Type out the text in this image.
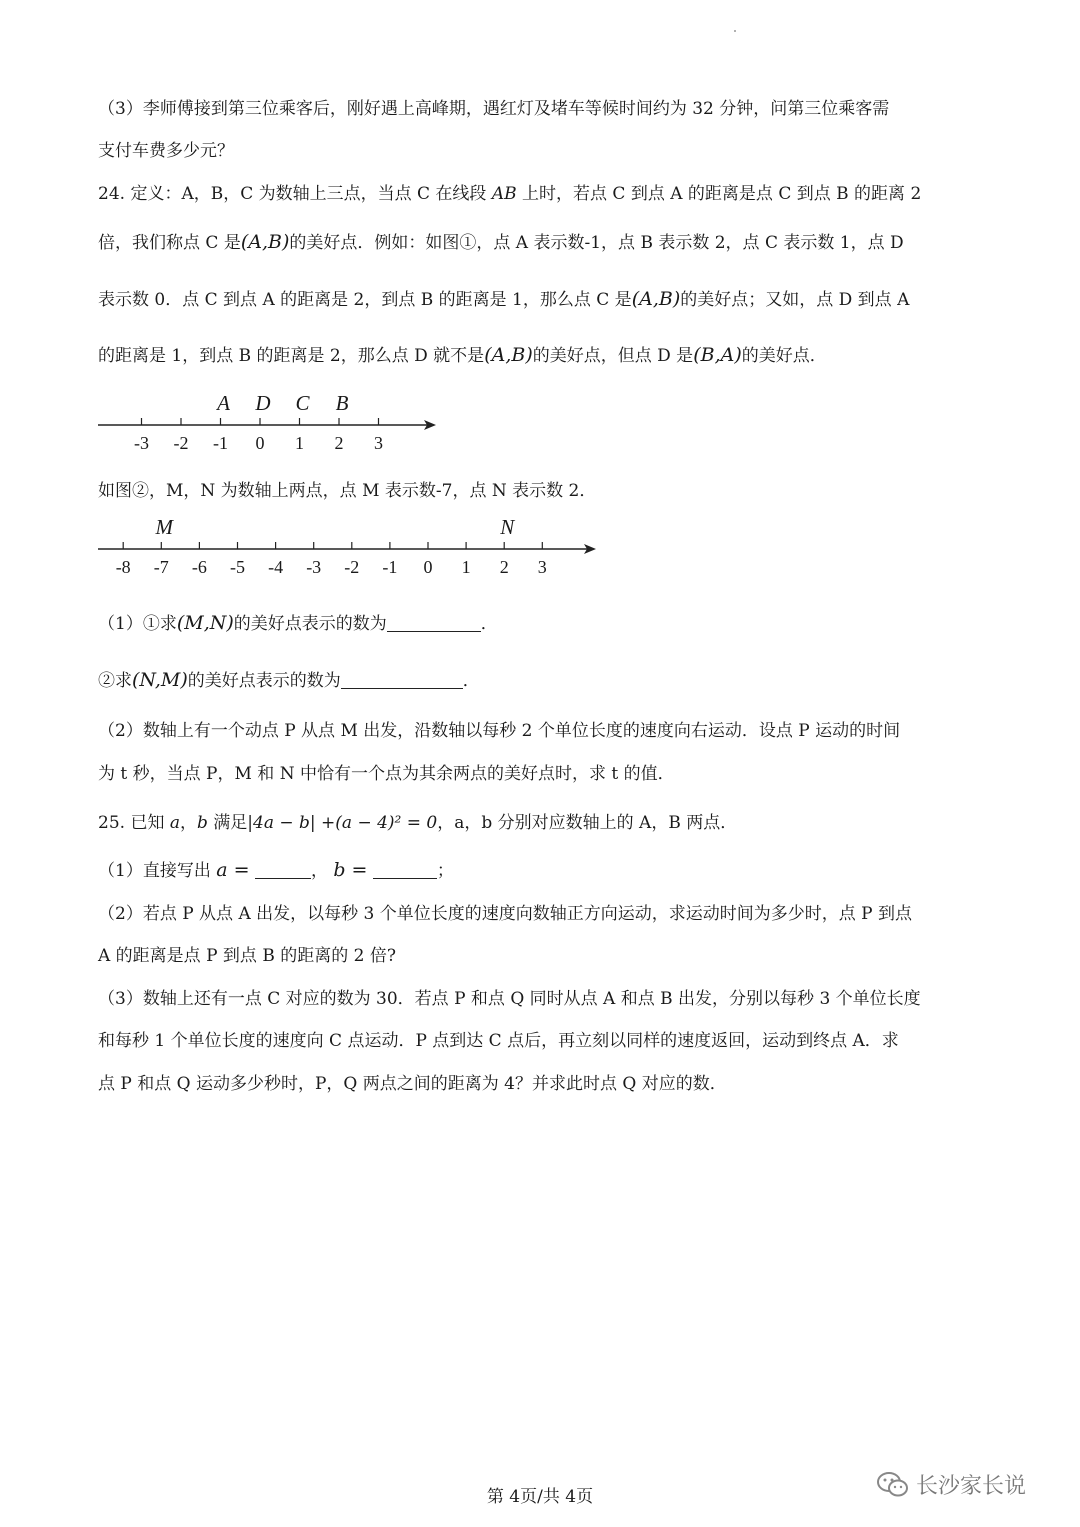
（3）李师傅接到第三位乘客后，刚好遇上高峰期，遇红灯及堵车等候时间约为 32 分钟，问第三位乘客需
支付车费多少元？
24. 定义：A，B，C 为数轴上三点，当点 C 在线段 AB 上时，若点 C 到点 A 的距离是点 C 到点 B 的距离 2
倍，我们称点 C 是(A,B)的美好点．例如：如图①，点 A 表示数-1，点 B 表示数 2，点 C 表示数 1，点 D
表示数 0．点 C 到点 A 的距离是 2，到点 B 的距离是 1，那么点 C 是(A,B)的美好点；又如，点 D 到点 A
的距离是 1，到点 B 的距离是 2，那么点 D 就不是(A,B)的美好点，但点 D 是(B,A)的美好点．
-3 -2 -1 0 1 2 3
A D C B
如图②，M，N 为数轴上两点，点 M 表示数-7，点 N 表示数 2．
-8 -7 -6 -5 -4 -3 -2 -1 0 1 2 3
M	N
（1）①求(M,N)的美好点表示的数为	．
②求(N,M)的美好点表示的数为	．
（2）数轴上有一个动点 P 从点 M 出发，沿数轴以每秒 2 个单位长度的速度向右运动．设点 P 运动的时间
为 t 秒，当点 P，M 和 N 中恰有一个点为其余两点的美好点时，求 t 的值．
25. 已知 a，b 满足|4a − b| +(a − 4)² = 0，a，b 分别对应数轴上的 A，B 两点．
（1）直接写出 a =	， b =	；
（2）若点 P 从点 A 出发，以每秒 3 个单位长度的速度向数轴正方向运动，求运动时间为多少时，点 P 到点
A 的距离是点 P 到点 B 的距离的 2 倍?
（3）数轴上还有一点 C 对应的数为 30．若点 P 和点 Q 同时从点 A 和点 B 出发，分别以每秒 3 个单位长度
和每秒 1 个单位长度的速度向 C 点运动．P 点到达 C 点后，再立刻以同样的速度返回，运动到终点 A．求
点 P 和点 Q 运动多少秒时，P，Q 两点之间的距离为 4？并求此时点 Q 对应的数．
第 4页/共 4页	长沙家长说
